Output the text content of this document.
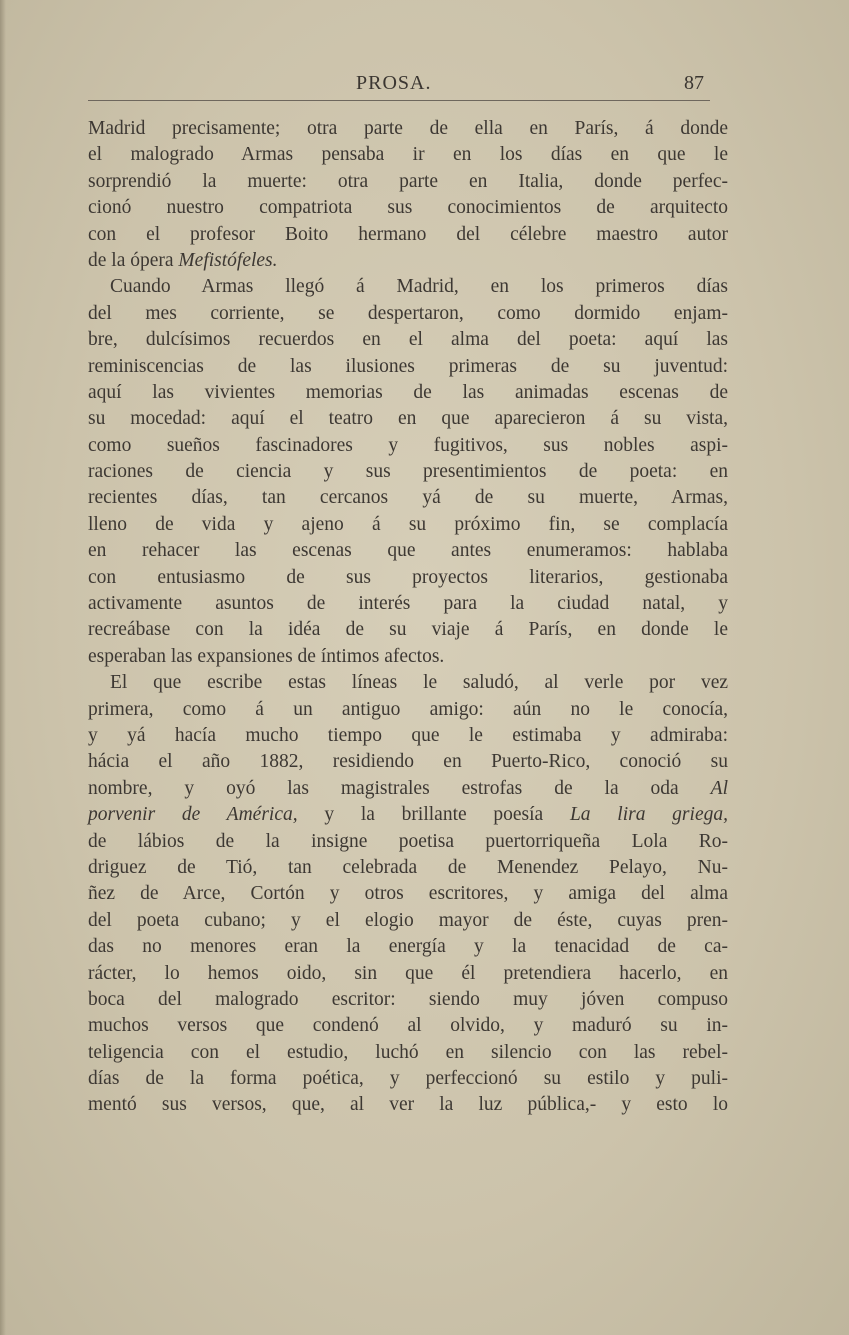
PROSA.	87
Madrid precisamente; otra parte de ella en París, á donde
el malogrado Armas pensaba ir en los días en que le
sorprendió la muerte: otra parte en Italia, donde perfec-
cionó nuestro compatriota sus conocimientos de arquitecto
con el profesor Boito hermano del célebre maestro autor
de la ópera Mefistófeles.
Cuando Armas llegó á Madrid, en los primeros días
del mes corriente, se despertaron, como dormido enjam-
bre, dulcísimos recuerdos en el alma del poeta: aquí las
reminiscencias de las ilusiones primeras de su juventud:
aquí las vivientes memorias de las animadas escenas de
su mocedad: aquí el teatro en que aparecieron á su vista,
como sueños fascinadores y fugitivos, sus nobles aspi-
raciones de ciencia y sus presentimientos de poeta: en
recientes días, tan cercanos yá de su muerte, Armas,
lleno de vida y ajeno á su próximo fin, se complacía
en rehacer las escenas que antes enumeramos: hablaba
con entusiasmo de sus proyectos literarios, gestionaba
activamente asuntos de interés para la ciudad natal, y
recreábase con la idéa de su viaje á París, en donde le
esperaban las expansiones de íntimos afectos.
El que escribe estas líneas le saludó, al verle por vez
primera, como á un antiguo amigo: aún no le conocía,
y yá hacía mucho tiempo que le estimaba y admiraba:
hácia el año 1882, residiendo en Puerto-Rico, conoció su
nombre, y oyó las magistrales estrofas de la oda Al
porvenir de América, y la brillante poesía La lira griega,
de lábios de la insigne poetisa puertorriqueña Lola Ro-
driguez de Tió, tan celebrada de Menendez Pelayo, Nu-
ñez de Arce, Cortón y otros escritores, y amiga del alma
del poeta cubano; y el elogio mayor de éste, cuyas pren-
das no menores eran la energía y la tenacidad de ca-
rácter, lo hemos oido, sin que él pretendiera hacerlo, en
boca del malogrado escritor: siendo muy jóven compuso
muchos versos que condenó al olvido, y maduró su in-
teligencia con el estudio, luchó en silencio con las rebel-
días de la forma poética, y perfeccionó su estilo y puli-
mentó sus versos, que, al ver la luz pública,- y esto lo
